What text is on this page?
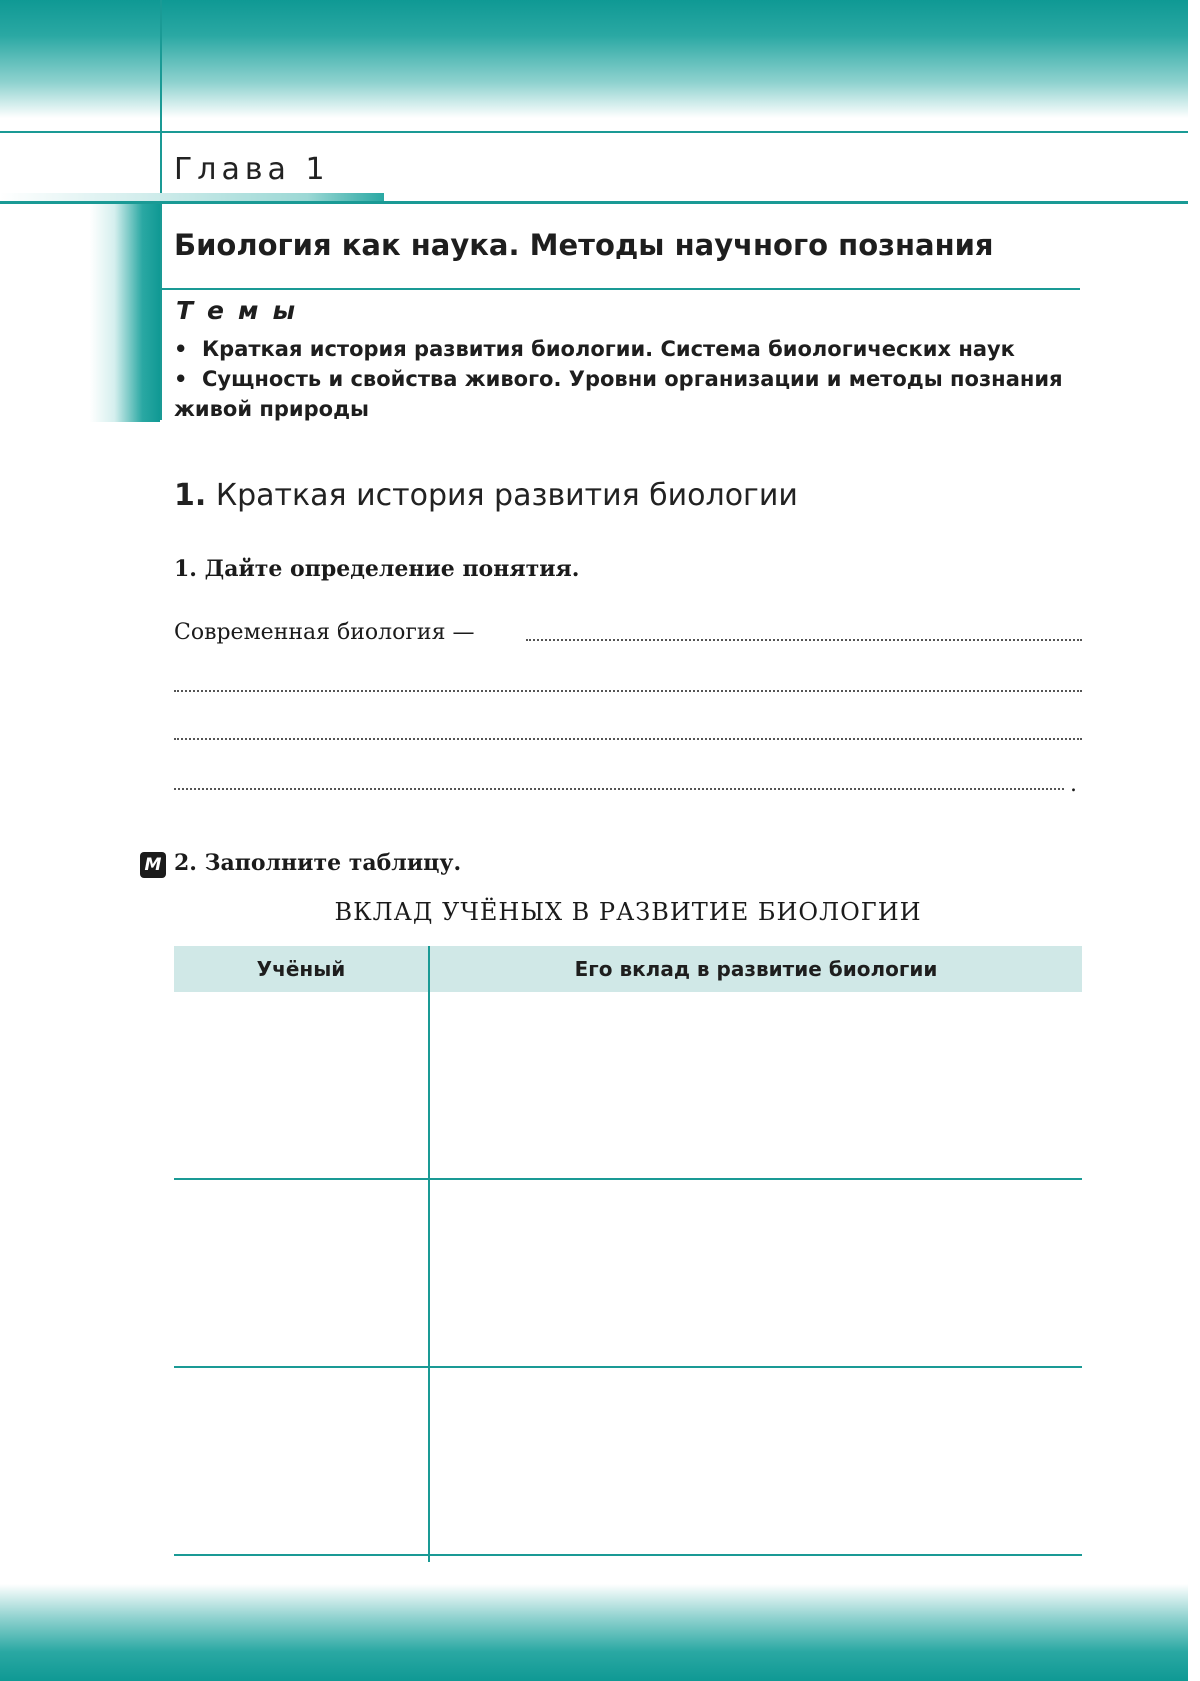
Глава 1
Биология как наука. Методы научного познания
Темы
• Краткая история развития биологии. Система биологических наук
• Сущность и свойства живого. Уровни организации и методы познания живой природы
1. Краткая история развития биологии
1. Дайте определение понятия.
Современная биология —
.
М 2. Заполните таблицу.
ВКЛАД УЧЁНЫХ В РАЗВИТИЕ БИОЛОГИИ
Учёный	Его вклад в развитие биологии
